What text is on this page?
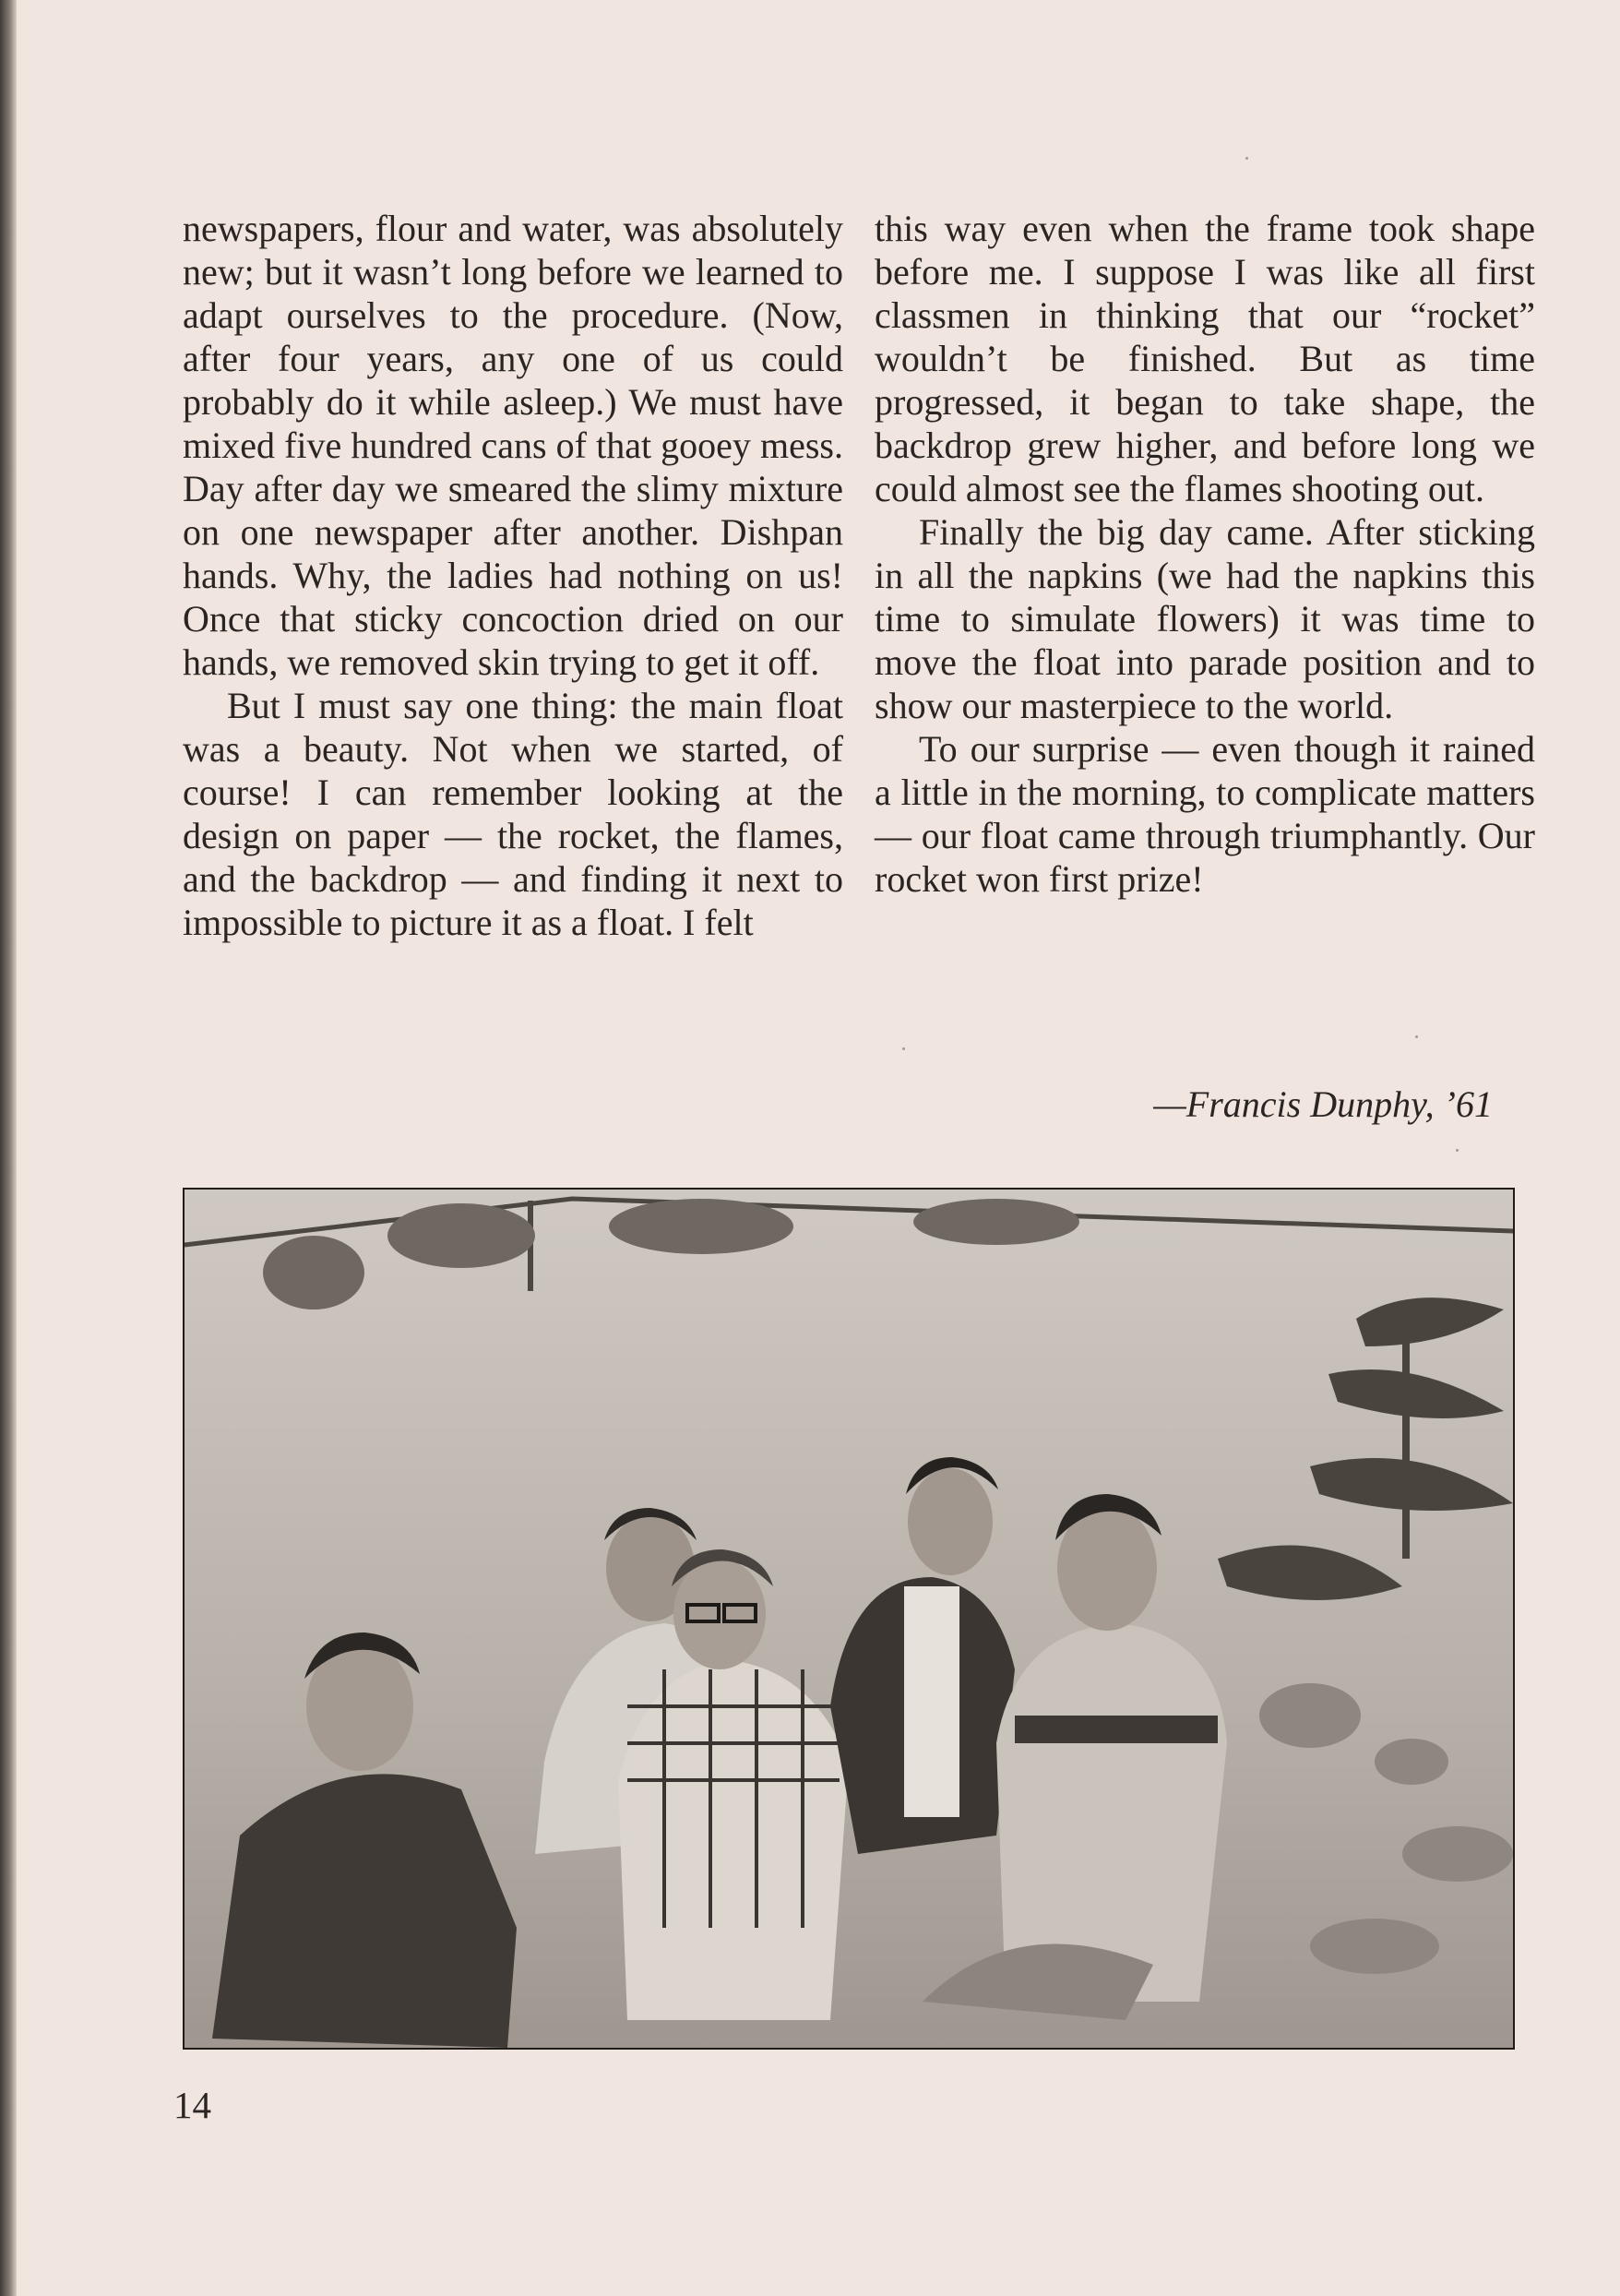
newspapers, flour and water, was absolutely new; but it wasn’t long before we learned to adapt ourselves to the procedure. (Now, after four years, any one of us could probably do it while asleep.) We must have mixed five hundred cans of that gooey mess. Day after day we smeared the slimy mixture on one newspaper after another. Dishpan hands. Why, the ladies had nothing on us! Once that sticky concoction dried on our hands, we removed skin trying to get it off.

But I must say one thing: the main float was a beauty. Not when we started, of course! I can remember looking at the design on paper — the rocket, the flames, and the backdrop — and finding it next to impossible to picture it as a float. I felt

this way even when the frame took shape before me. I suppose I was like all first classmen in thinking that our “rocket” wouldn’t be finished. But as time progressed, it began to take shape, the backdrop grew higher, and before long we could almost see the flames shooting out.

Finally the big day came. After sticking in all the napkins (we had the napkins this time to simulate flowers) it was time to move the float into parade position and to show our masterpiece to the world.

To our surprise — even though it rained a little in the morning, to complicate matters — our float came through triumphantly. Our rocket won first prize!

—Francis Dunphy, ’61
14
